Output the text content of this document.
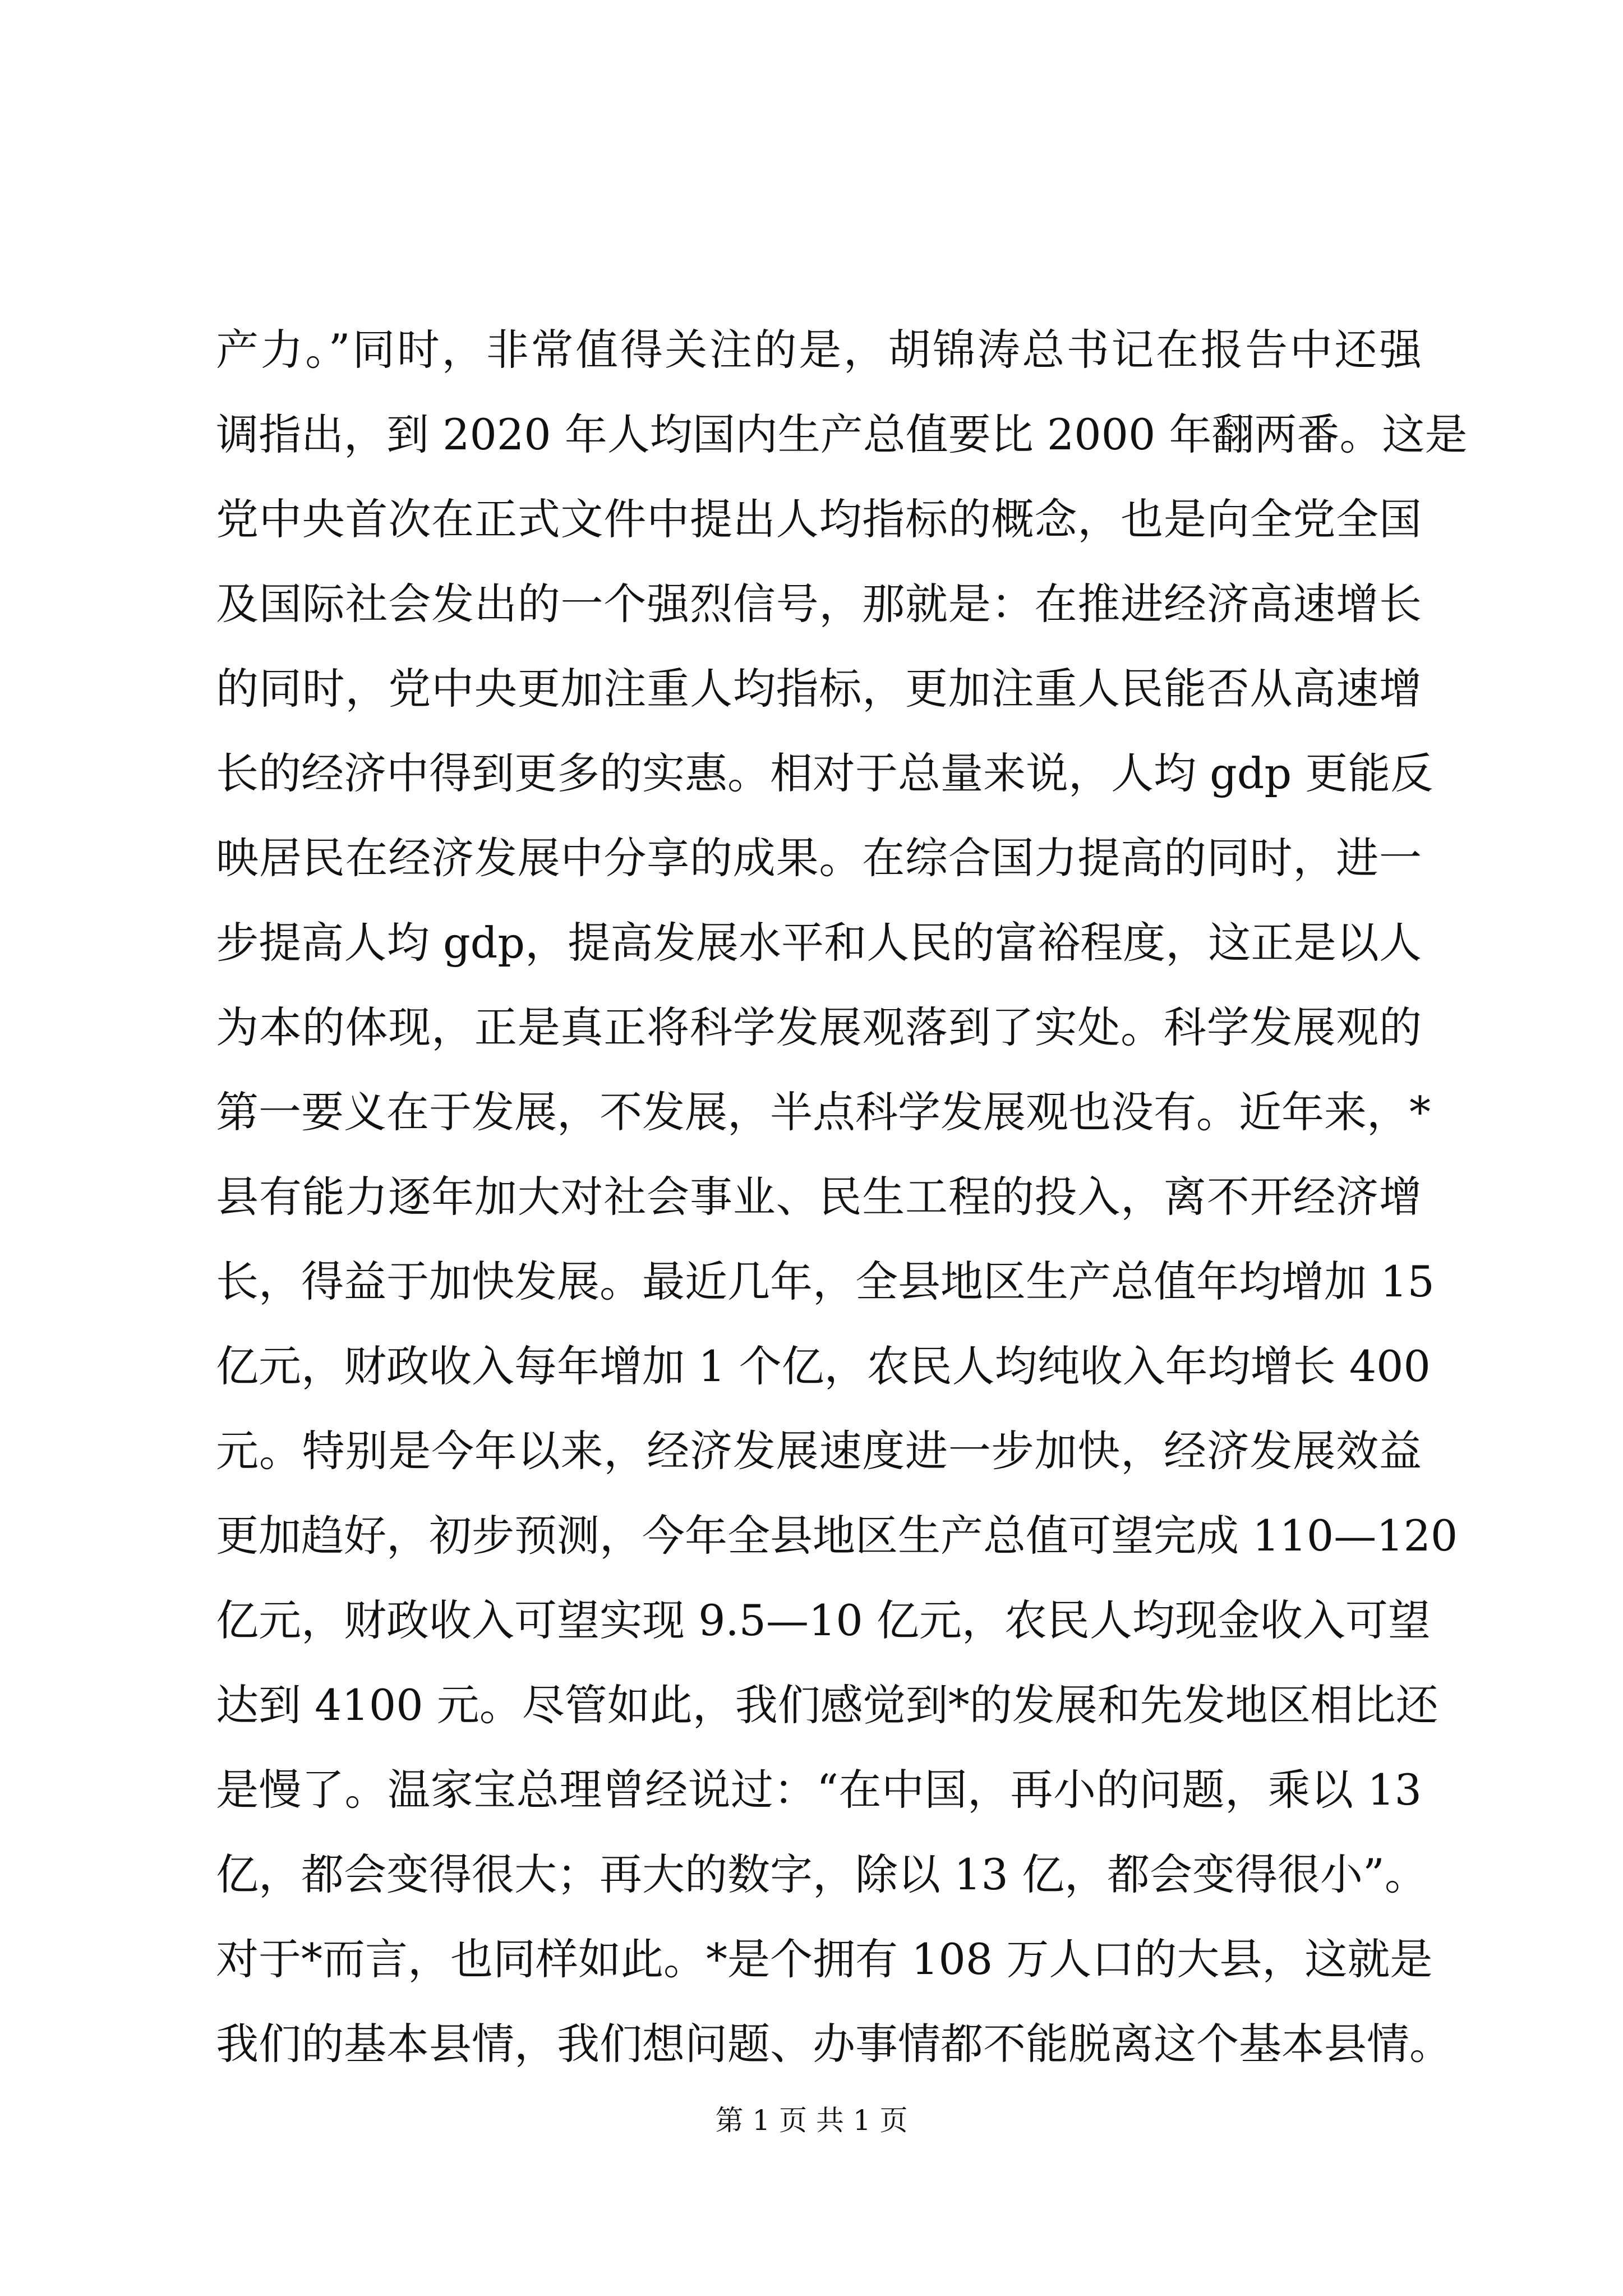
产力。”同时，非常值得关注的是，胡锦涛总书记在报告中还强
调指出，到 2020 年人均国内生产总值要比 2000 年翻两番。这是
党中央首次在正式文件中提出人均指标的概念，也是向全党全国
及国际社会发出的一个强烈信号，那就是：在推进经济高速增长
的同时，党中央更加注重人均指标，更加注重人民能否从高速增
长的经济中得到更多的实惠。相对于总量来说，人均 gdp 更能反
映居民在经济发展中分享的成果。在综合国力提高的同时，进一
步提高人均 gdp，提高发展水平和人民的富裕程度，这正是以人
为本的体现，正是真正将科学发展观落到了实处。科学发展观的
第一要义在于发展，不发展，半点科学发展观也没有。近年来，*
县有能力逐年加大对社会事业、民生工程的投入，离不开经济增
长，得益于加快发展。最近几年，全县地区生产总值年均增加 15
亿元，财政收入每年增加 1 个亿，农民人均纯收入年均增长 400
元。特别是今年以来，经济发展速度进一步加快，经济发展效益
更加趋好，初步预测，今年全县地区生产总值可望完成 110—120
亿元，财政收入可望实现 9.5—10 亿元，农民人均现金收入可望
达到 4100 元。尽管如此，我们感觉到*的发展和先发地区相比还
是慢了。温家宝总理曾经说过：“在中国，再小的问题，乘以 13
亿，都会变得很大；再大的数字，除以 13 亿，都会变得很小”。
对于*而言，也同样如此。*是个拥有 108 万人口的大县，这就是
我们的基本县情，我们想问题、办事情都不能脱离这个基本县情。
第 1 页 共 1 页
